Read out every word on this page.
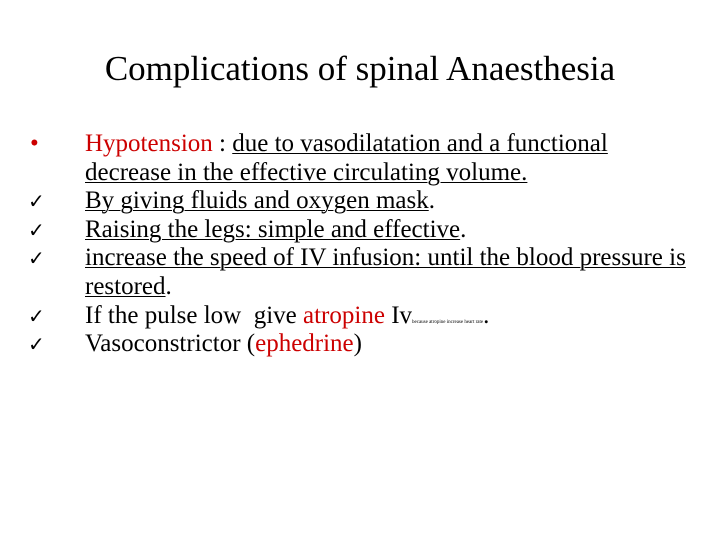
Complications of spinal Anaesthesia
•	Hypotension : due to vasodilatation and a functional decrease in the effective circulating volume.
✓	By giving fluids and oxygen mask.
✓	Raising the legs: simple and effective.
✓	increase the speed of IV infusion: until the blood pressure is restored.
✓	If the pulse low  give atropine Ivbecause atropine increase heart rate.
✓	Vasoconstrictor (ephedrine)
